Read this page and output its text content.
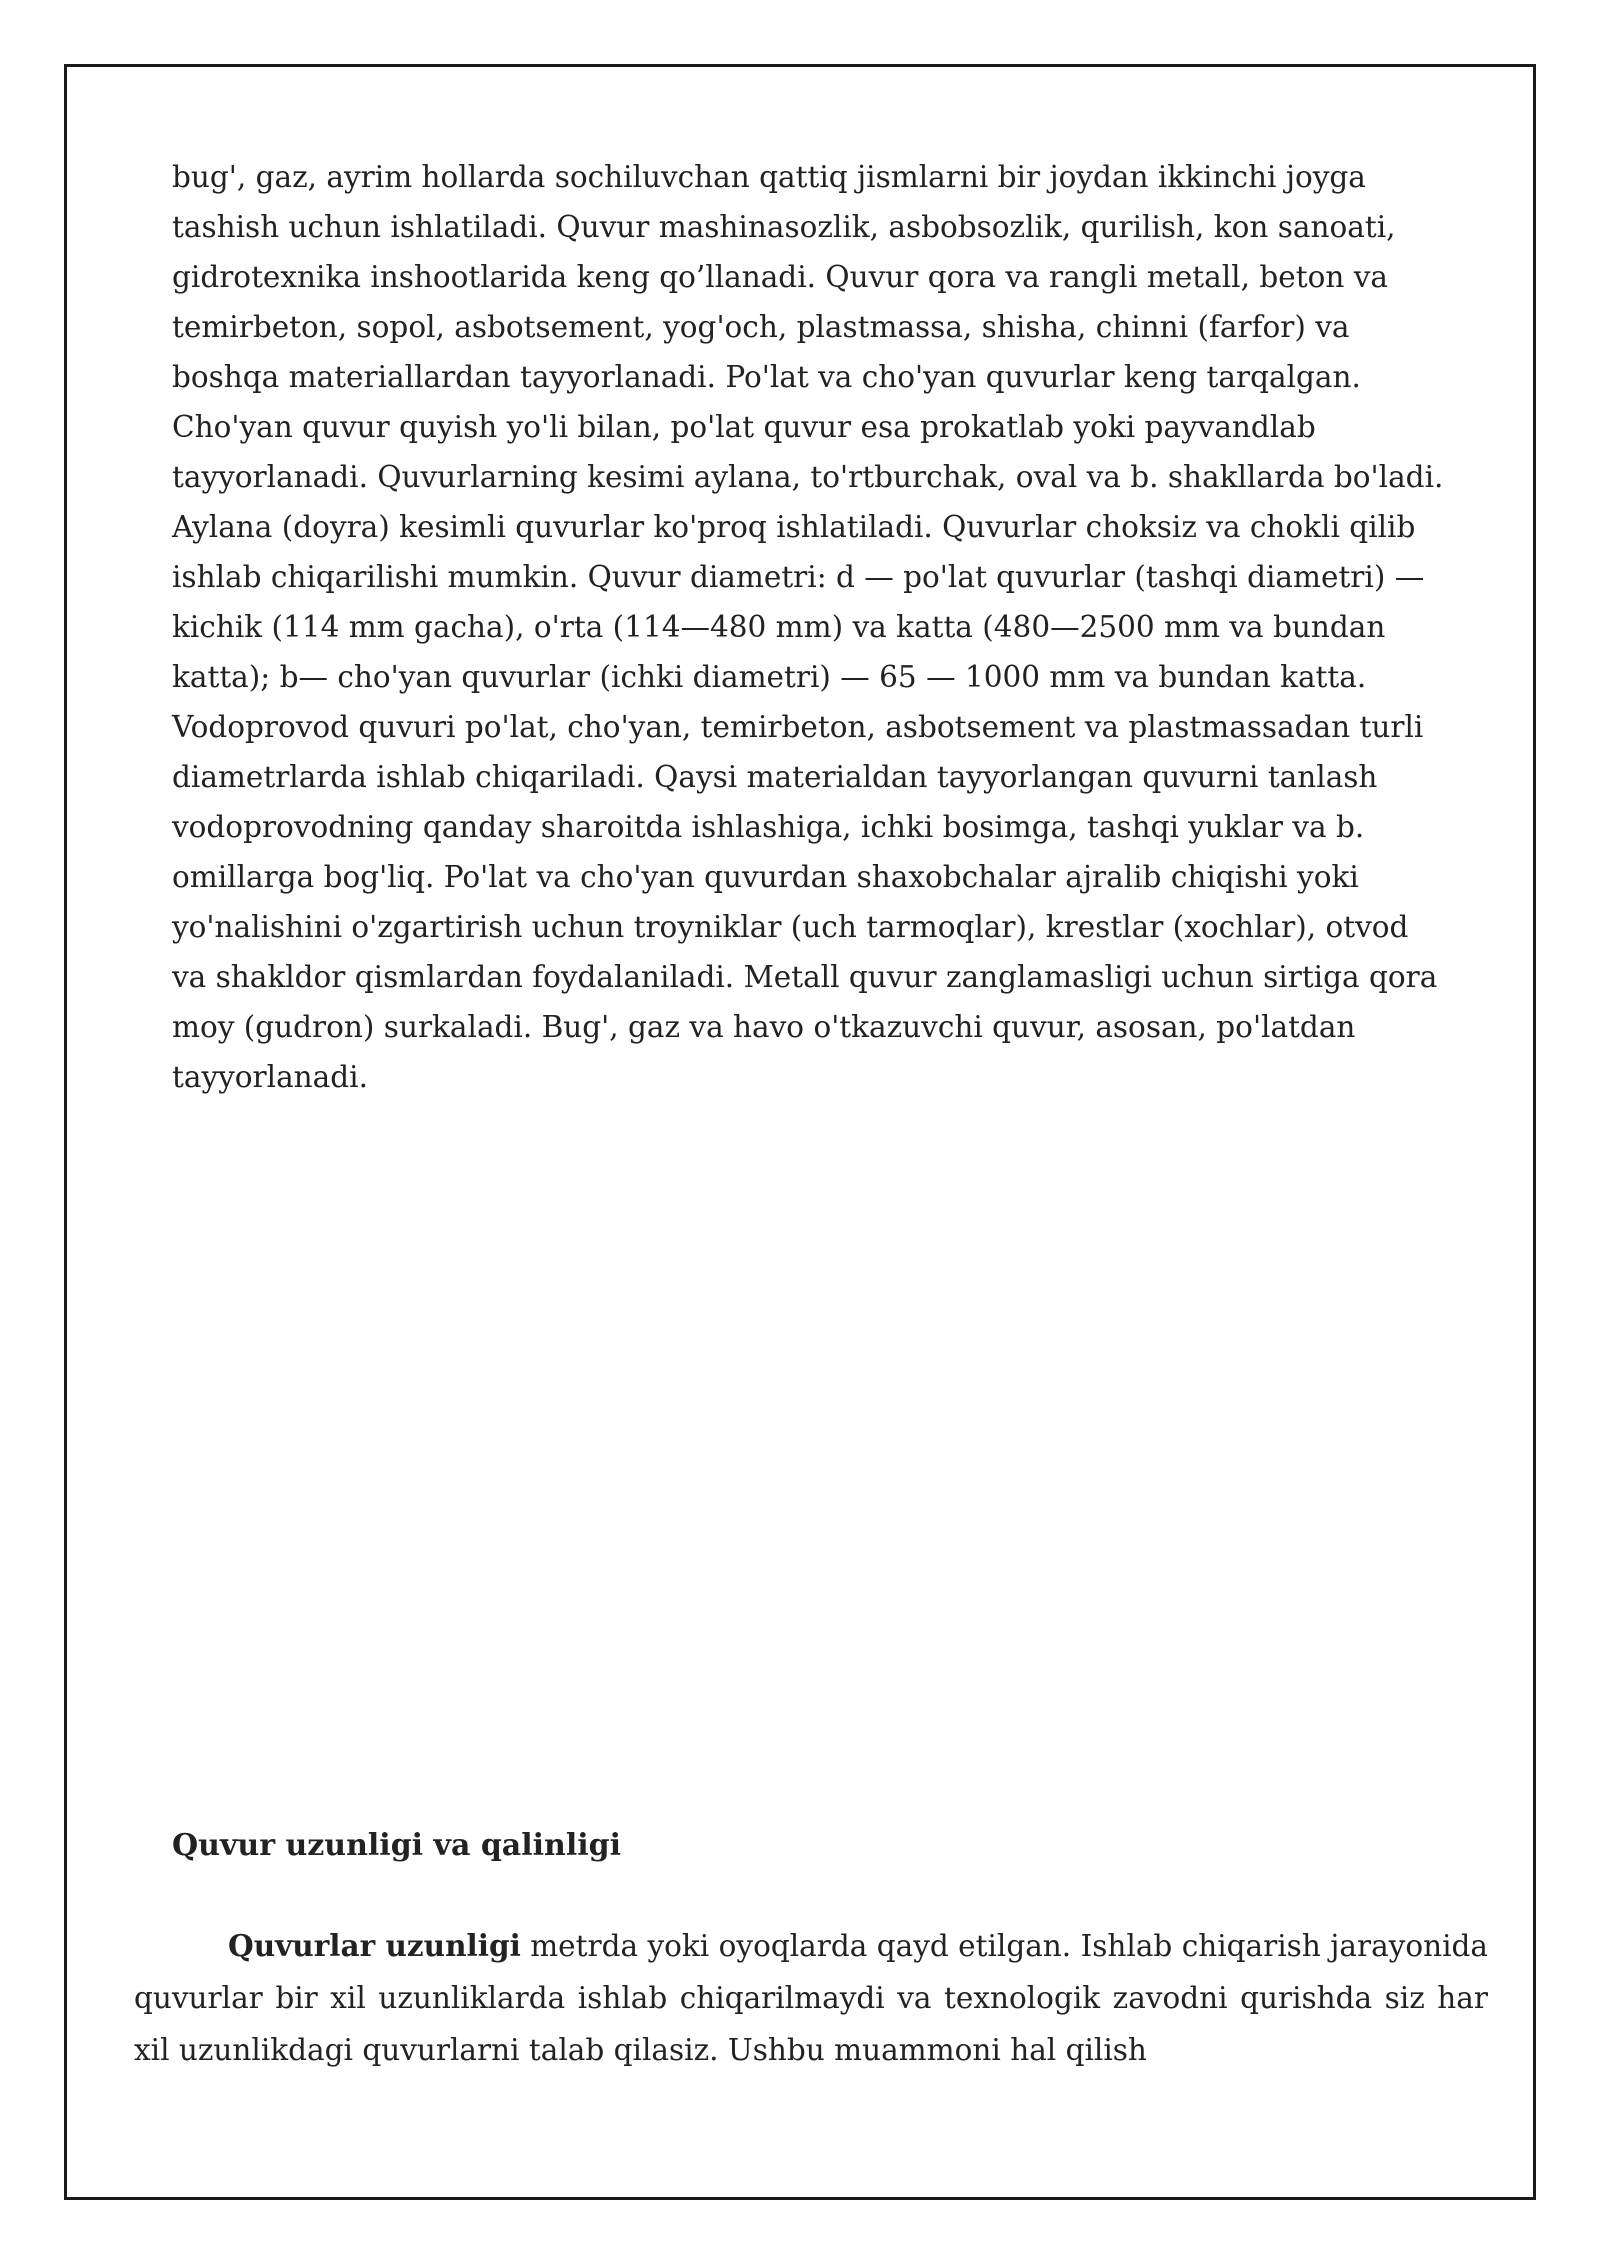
bug', gaz, ayrim hollarda sochiluvchan qattiq jismlarni bir joydan ikkinchi joyga
tashish uchun ishlatiladi. Quvur mashinasozlik, asbobsozlik, qurilish, kon sanoati,
gidrotexnika inshootlarida keng qo’llanadi. Quvur qora va rangli metall, beton va
temirbeton, sopol, asbotsement, yog'och, plastmassa, shisha, chinni (farfor) va
boshqa materiallardan tayyorlanadi. Po'lat va cho'yan quvurlar keng tarqalgan.
Cho'yan quvur quyish yo'li bilan, po'lat quvur esa prokatlab yoki payvandlab
tayyorlanadi. Quvurlarning kesimi aylana, to'rtburchak, oval va b. shakllarda bo'ladi.
Aylana (doyra) kesimli quvurlar ko'proq ishlatiladi. Quvurlar choksiz va chokli qilib
ishlab chiqarilishi mumkin. Quvur diametri: d — po'lat quvurlar (tashqi diametri) —
kichik (114 mm gacha), o'rta (114—480 mm) va katta (480—2500 mm va bundan
katta); b— cho'yan quvurlar (ichki diametri) — 65 — 1000 mm va bundan katta.
Vodoprovod quvuri po'lat, cho'yan, temirbeton, asbotsement va plastmassadan turli
diametrlarda ishlab chiqariladi. Qaysi materialdan tayyorlangan quvurni tanlash
vodoprovodning qanday sharoitda ishlashiga, ichki bosimga, tashqi yuklar va b.
omillarga bog'liq. Po'lat va cho'yan quvurdan shaxobchalar ajralib chiqishi yoki
yo'nalishini o'zgartirish uchun troyniklar (uch tarmoqlar), krestlar (xochlar), otvod
va shakldor qismlardan foydalaniladi. Metall quvur zanglamasligi uchun sirtiga qora
moy (gudron) surkaladi. Bug', gaz va havo o'tkazuvchi quvur, asosan, po'latdan
tayyorlanadi.
Quvur uzunligi va qalinligi

Quvurlar uzunligi metrda yoki oyoqlarda qayd etilgan. Ishlab chiqarish jarayonida quvurlar bir xil uzunliklarda ishlab chiqarilmaydi va texnologik zavodni qurishda siz har xil uzunlikdagi quvurlarni talab qilasiz. Ushbu muammoni hal qilish
